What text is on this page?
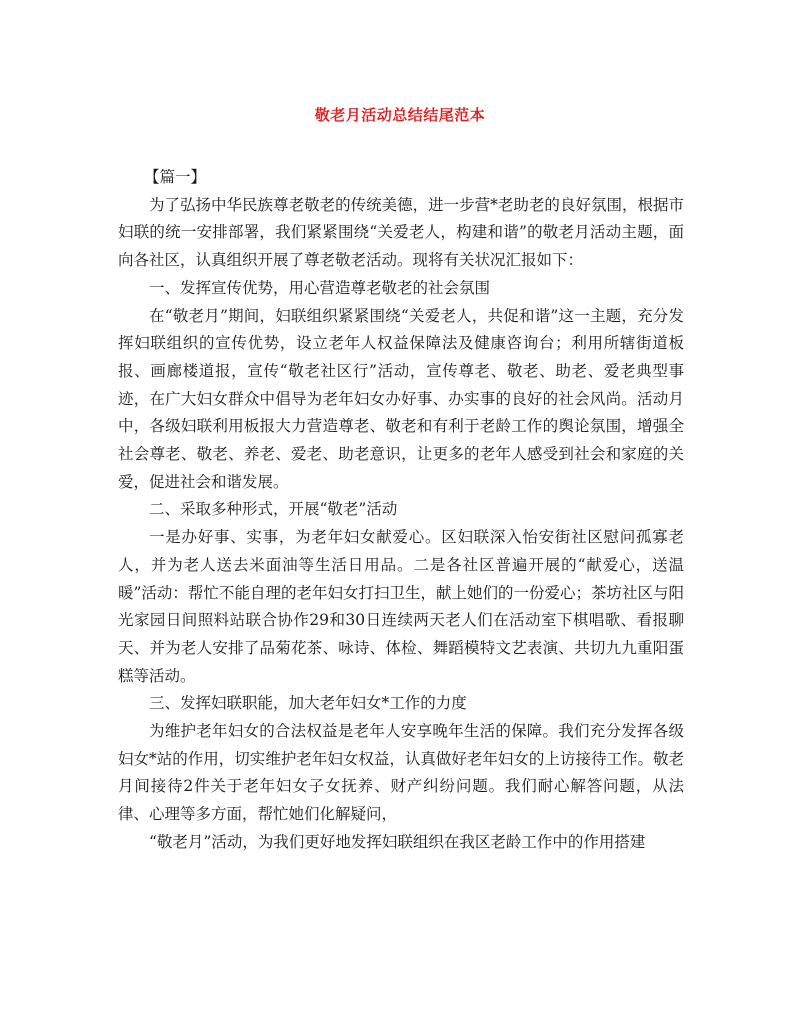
敬老月活动总结结尾范本

【篇一】

为了弘扬中华民族尊老敬老的传统美德，进一步营*老助老的良好氛围，根据市妇联的统一安排部署，我们紧紧围绕“关爱老人，构建和谐”的敬老月活动主题，面向各社区，认真组织开展了尊老敬老活动。现将有关状况汇报如下：

一、发挥宣传优势，用心营造尊老敬老的社会氛围

在“敬老月”期间，妇联组织紧紧围绕“关爱老人，共促和谐”这一主题，充分发挥妇联组织的宣传优势，设立老年人权益保障法及健康咨询台；利用所辖街道板报、画廊楼道报，宣传“敬老社区行”活动，宣传尊老、敬老、助老、爱老典型事迹，在广大妇女群众中倡导为老年妇女办好事、办实事的良好的社会风尚。活动月中，各级妇联利用板报大力营造尊老、敬老和有利于老龄工作的舆论氛围，增强全社会尊老、敬老、养老、爱老、助老意识，让更多的老年人感受到社会和家庭的关爱，促进社会和谐发展。

二、采取多种形式，开展“敬老”活动

一是办好事、实事，为老年妇女献爱心。区妇联深入怡安街社区慰问孤寡老人，并为老人送去米面油等生活日用品。二是各社区普遍开展的“献爱心，送温暖”活动：帮忙不能自理的老年妇女打扫卫生，献上她们的一份爱心；茶坊社区与阳光家园日间照料站联合协作29和30日连续两天老人们在活动室下棋唱歌、看报聊天、并为老人安排了品菊花茶、咏诗、体检、舞蹈模特文艺表演、共切九九重阳蛋糕等活动。

三、发挥妇联职能，加大老年妇女*工作的力度

为维护老年妇女的合法权益是老年人安享晚年生活的保障。我们充分发挥各级妇女*站的作用，切实维护老年妇女权益，认真做好老年妇女的上访接待工作。敬老月间接待2件关于老年妇女子女抚养、财产纠纷问题。我们耐心解答问题，从法律、心理等多方面，帮忙她们化解疑问，

“敬老月”活动，为我们更好地发挥妇联组织在我区老龄工作中的作用搭建
